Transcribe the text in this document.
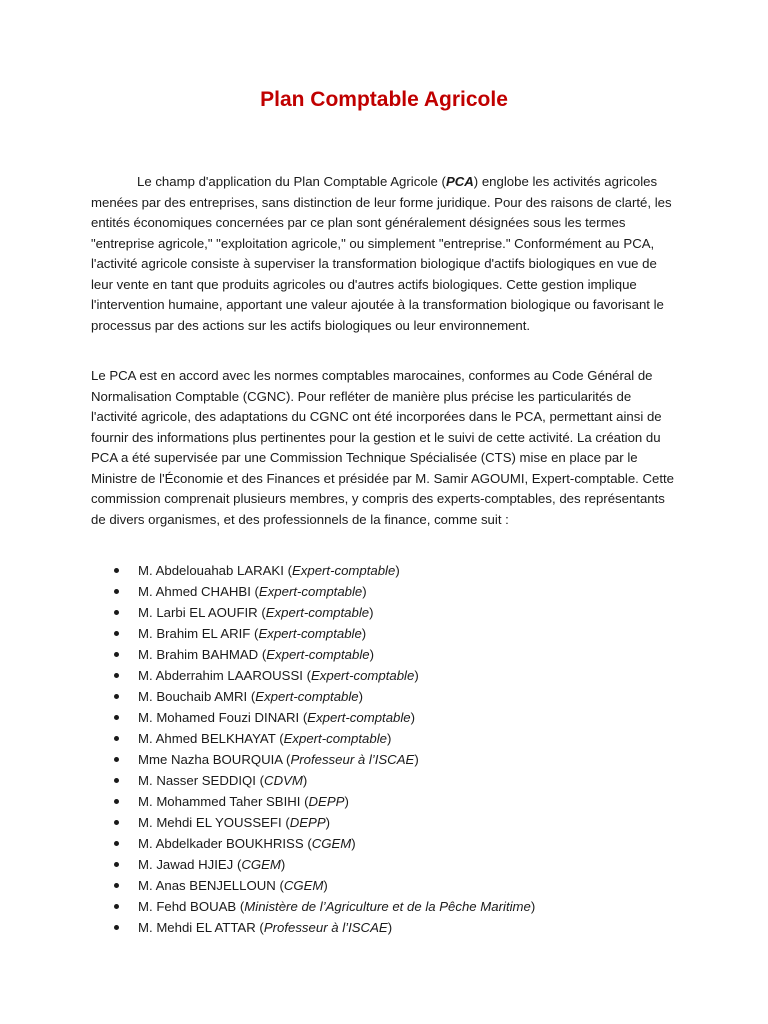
Plan Comptable Agricole

Le champ d'application du Plan Comptable Agricole (PCA) englobe les activités agricoles menées par des entreprises, sans distinction de leur forme juridique. Pour des raisons de clarté, les entités économiques concernées par ce plan sont généralement désignées sous les termes "entreprise agricole," "exploitation agricole," ou simplement "entreprise." Conformément au PCA, l'activité agricole consiste à superviser la transformation biologique d'actifs biologiques en vue de leur vente en tant que produits agricoles ou d'autres actifs biologiques. Cette gestion implique l'intervention humaine, apportant une valeur ajoutée à la transformation biologique ou favorisant le processus par des actions sur les actifs biologiques ou leur environnement.

Le PCA est en accord avec les normes comptables marocaines, conformes au Code Général de Normalisation Comptable (CGNC). Pour refléter de manière plus précise les particularités de l'activité agricole, des adaptations du CGNC ont été incorporées dans le PCA, permettant ainsi de fournir des informations plus pertinentes pour la gestion et le suivi de cette activité. La création du PCA a été supervisée par une Commission Technique Spécialisée (CTS) mise en place par le Ministre de l'Économie et des Finances et présidée par M. Samir AGOUMI, Expert-comptable. Cette commission comprenait plusieurs membres, y compris des experts-comptables, des représentants de divers organismes, et des professionnels de la finance, comme suit :

M. Abdelouahab LARAKI (Expert-comptable)
M. Ahmed CHAHBI (Expert-comptable)
M. Larbi EL AOUFIR (Expert-comptable)
M. Brahim EL ARIF (Expert-comptable)
M. Brahim BAHMAD (Expert-comptable)
M. Abderrahim LAAROUSSI (Expert-comptable)
M. Bouchaib AMRI (Expert-comptable)
M. Mohamed Fouzi DINARI (Expert-comptable)
M. Ahmed BELKHAYAT (Expert-comptable)
Mme Nazha BOURQUIA (Professeur à l’ISCAE)
M. Nasser SEDDIQI (CDVM)
M. Mohammed Taher SBIHI (DEPP)
M. Mehdi EL YOUSSEFI (DEPP)
M. Abdelkader BOUKHRISS (CGEM)
M. Jawad HJIEJ (CGEM)
M. Anas BENJELLOUN (CGEM)
M. Fehd BOUAB (Ministère de l’Agriculture et de la Pêche Maritime)
M. Mehdi EL ATTAR (Professeur à l’ISCAE)
